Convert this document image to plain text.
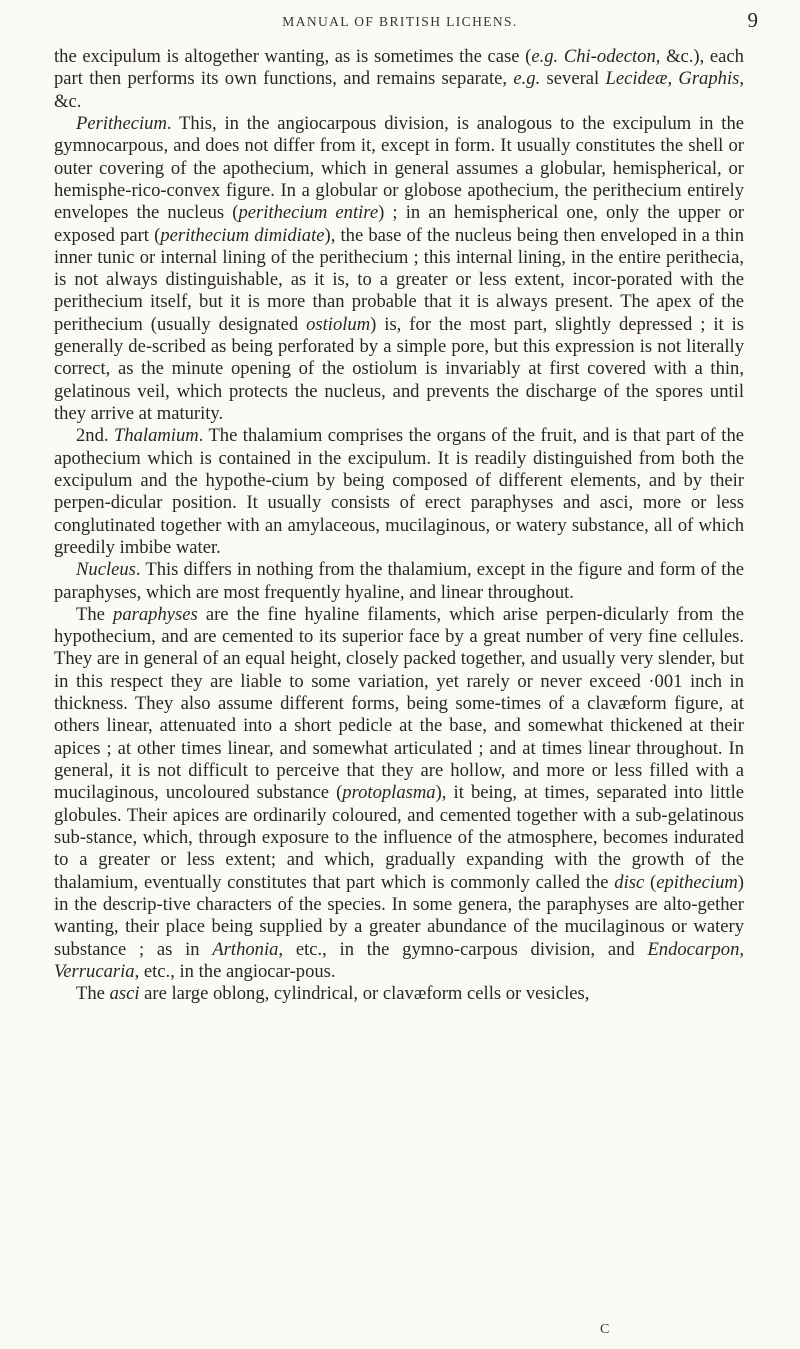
MANUAL OF BRITISH LICHENS.	9

the excipulum is altogether wanting, as is sometimes the case (e.g. Chi-odecton, &c.), each part then performs its own functions, and remains separate, e.g. several Lecideæ, Graphis, &c.

Perithecium. This, in the angiocarpous division, is analogous to the excipulum in the gymnocarpous, and does not differ from it, except in form. It usually constitutes the shell or outer covering of the apothecium, which in general assumes a globular, hemispherical, or hemisphe-rico-convex figure. In a globular or globose apothecium, the perithecium entirely envelopes the nucleus (perithecium entire) ; in an hemispherical one, only the upper or exposed part (perithecium dimidiate), the base of the nucleus being then enveloped in a thin inner tunic or internal lining of the perithecium ; this internal lining, in the entire perithecia, is not always distinguishable, as it is, to a greater or less extent, incor-porated with the perithecium itself, but it is more than probable that it is always present. The apex of the perithecium (usually designated ostiolum) is, for the most part, slightly depressed ; it is generally de-scribed as being perforated by a simple pore, but this expression is not literally correct, as the minute opening of the ostiolum is invariably at first covered with a thin, gelatinous veil, which protects the nucleus, and prevents the discharge of the spores until they arrive at maturity.

2nd. Thalamium. The thalamium comprises the organs of the fruit, and is that part of the apothecium which is contained in the excipulum. It is readily distinguished from both the excipulum and the hypothe-cium by being composed of different elements, and by their perpen-dicular position. It usually consists of erect paraphyses and asci, more or less conglutinated together with an amylaceous, mucilaginous, or watery substance, all of which greedily imbibe water.

Nucleus. This differs in nothing from the thalamium, except in the figure and form of the paraphyses, which are most frequently hyaline, and linear throughout.

The paraphyses are the fine hyaline filaments, which arise perpen-dicularly from the hypothecium, and are cemented to its superior face by a great number of very fine cellules. They are in general of an equal height, closely packed together, and usually very slender, but in this respect they are liable to some variation, yet rarely or never exceed ·001 inch in thickness. They also assume different forms, being some-times of a clavæform figure, at others linear, attenuated into a short pedicle at the base, and somewhat thickened at their apices ; at other times linear, and somewhat articulated ; and at times linear throughout. In general, it is not difficult to perceive that they are hollow, and more or less filled with a mucilaginous, uncoloured substance (protoplasma), it being, at times, separated into little globules. Their apices are ordinarily coloured, and cemented together with a sub-gelatinous sub-stance, which, through exposure to the influence of the atmosphere, becomes indurated to a greater or less extent; and which, gradually expanding with the growth of the thalamium, eventually constitutes that part which is commonly called the disc (epithecium) in the descrip-tive characters of the species. In some genera, the paraphyses are alto-gether wanting, their place being supplied by a greater abundance of the mucilaginous or watery substance ; as in Arthonia, etc., in the gymno-carpous division, and Endocarpon, Verrucaria, etc., in the angiocar-pous.

The asci are large oblong, cylindrical, or clavæform cells or vesicles,

C
